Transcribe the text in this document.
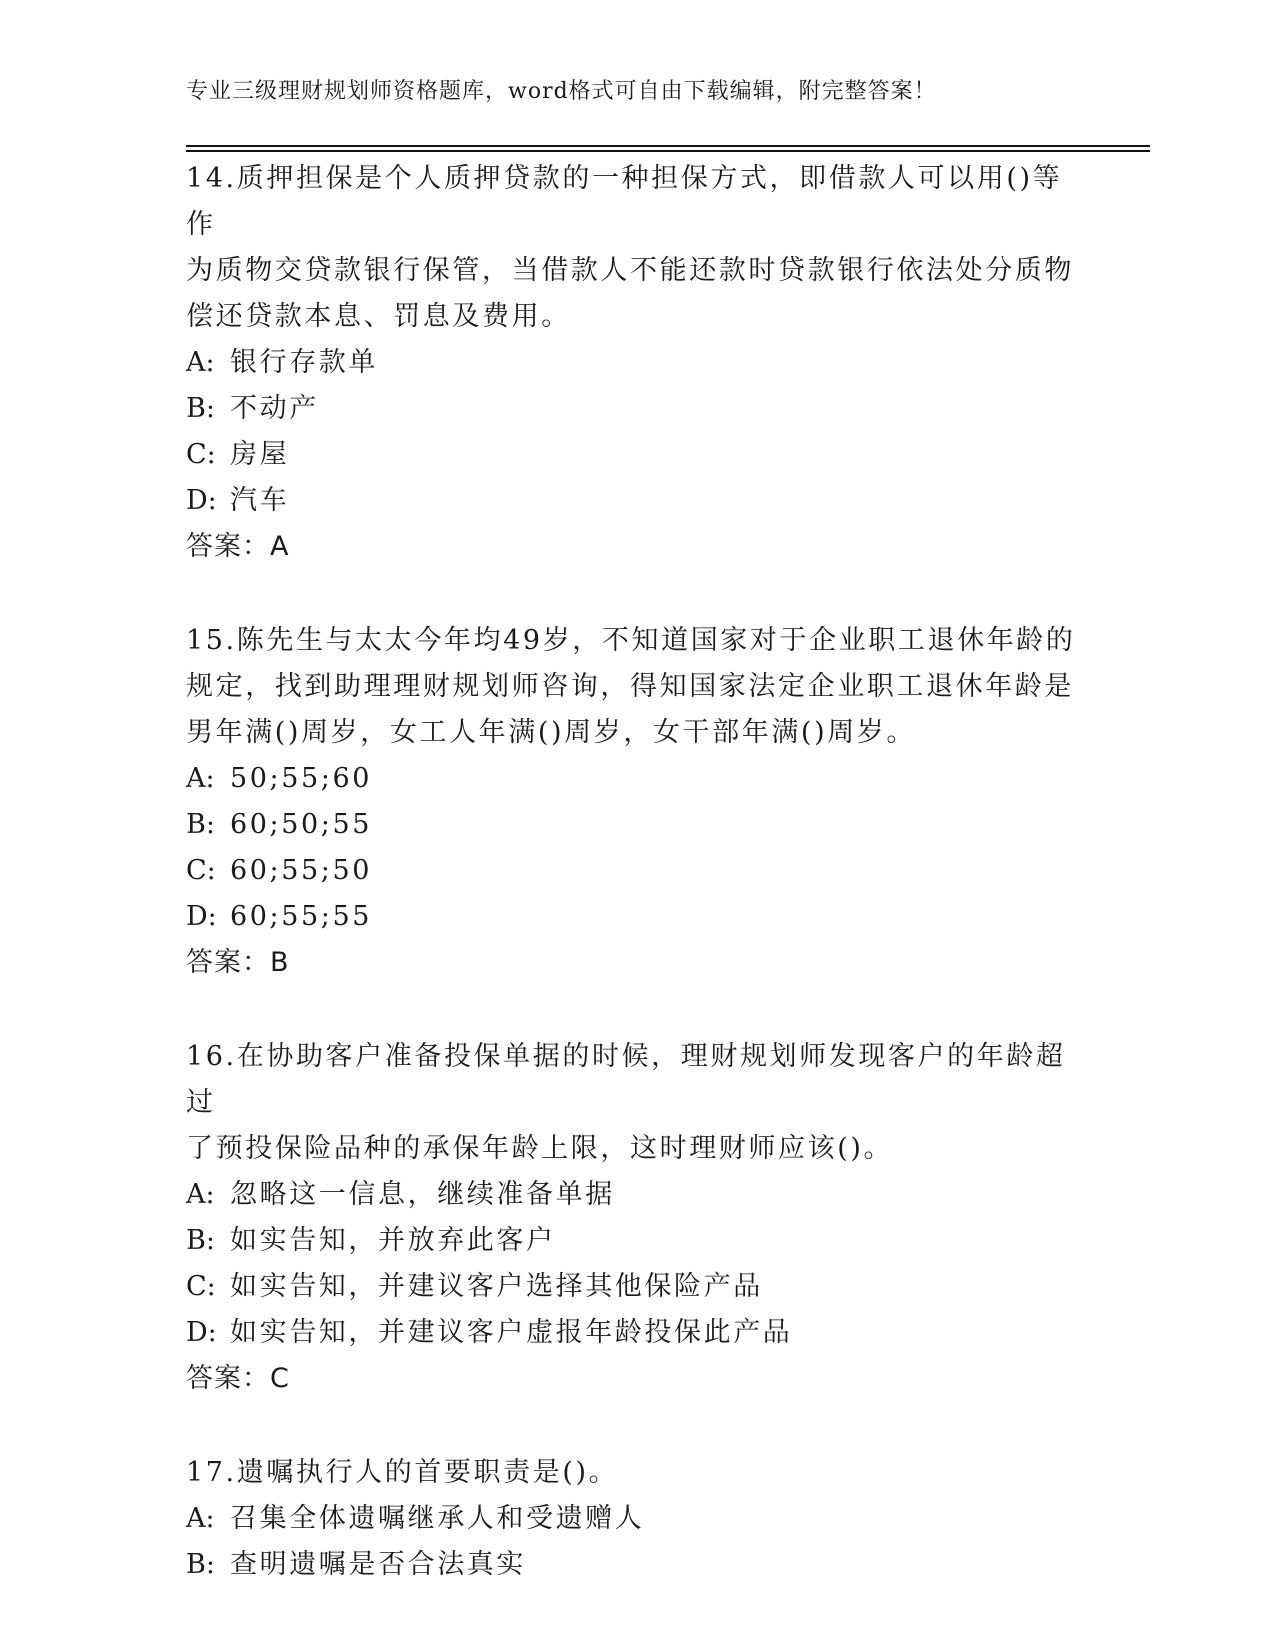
专业三级理财规划师资格题库，word格式可自由下载编辑，附完整答案！

14.质押担保是个人质押贷款的一种担保方式，即借款人可以用()等作

为质物交贷款银行保管，当借款人不能还款时贷款银行依法处分质物

偿还贷款本息、罚息及费用。

A: 银行存款单

B: 不动产

C: 房屋

D: 汽车

答案：A

15.陈先生与太太今年均49岁，不知道国家对于企业职工退休年龄的

规定，找到助理理财规划师咨询，得知国家法定企业职工退休年龄是

男年满()周岁，女工人年满()周岁，女干部年满()周岁。

A: 50;55;60

B: 60;50;55

C: 60;55;50

D: 60;55;55

答案：B

16.在协助客户准备投保单据的时候，理财规划师发现客户的年龄超过

了预投保险品种的承保年龄上限，这时理财师应该()。

A: 忽略这一信息，继续准备单据

B: 如实告知，并放弃此客户

C: 如实告知，并建议客户选择其他保险产品

D: 如实告知，并建议客户虚报年龄投保此产品

答案：C

17.遗嘱执行人的首要职责是()。

A: 召集全体遗嘱继承人和受遗赠人

B: 查明遗嘱是否合法真实
